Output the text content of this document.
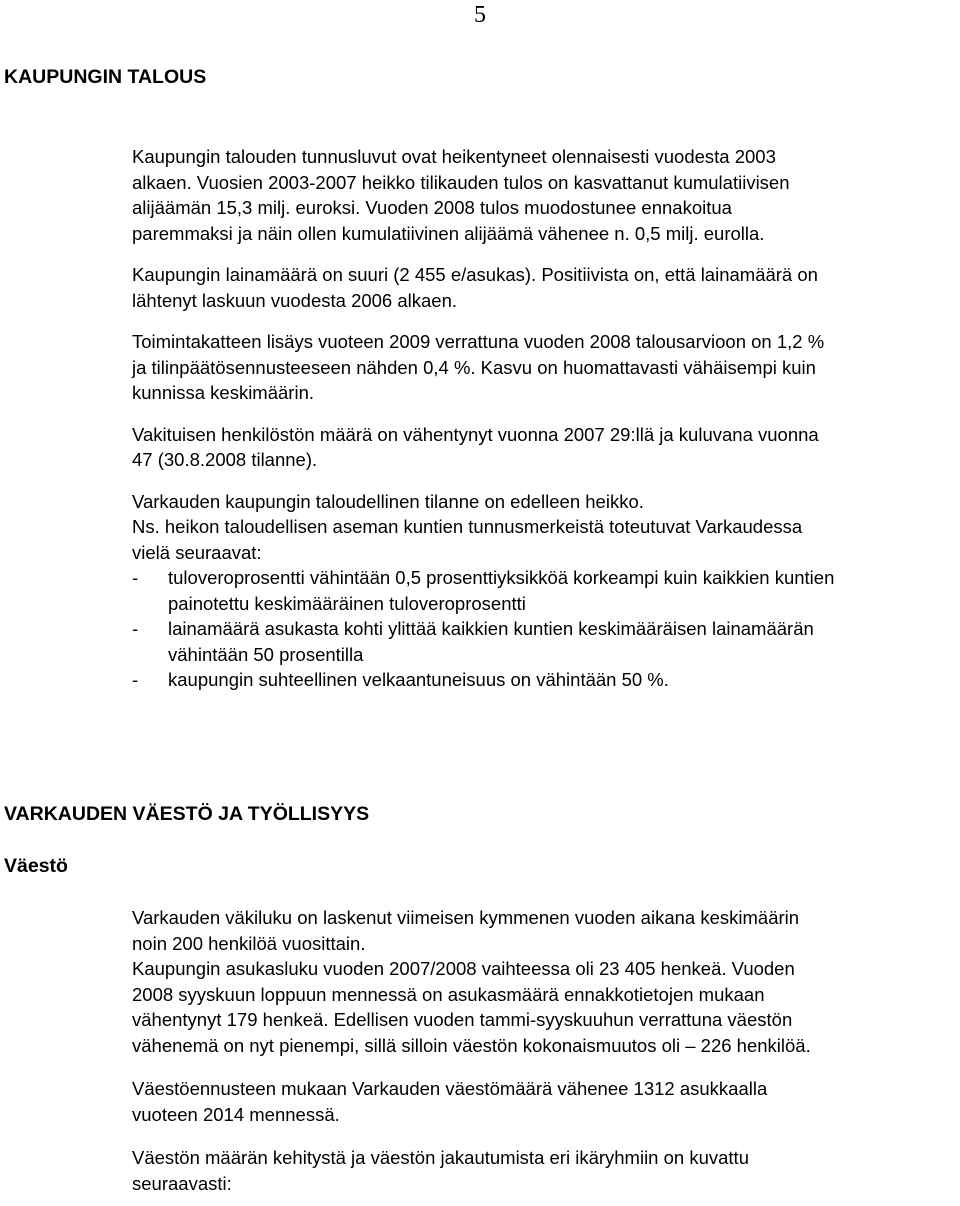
5
KAUPUNGIN TALOUS

Kaupungin talouden tunnusluvut ovat heikentyneet olennaisesti vuodesta 2003

alkaen. Vuosien 2003-2007 heikko tilikauden tulos on kasvattanut kumulatiivisen

alijäämän 15,3 milj. euroksi. Vuoden 2008 tulos muodostunee ennakoitua

paremmaksi ja näin ollen kumulatiivinen alijäämä vähenee n. 0,5 milj. eurolla.

Kaupungin lainamäärä on suuri (2 455 e/asukas). Positiivista on, että lainamäärä on

lähtenyt laskuun vuodesta 2006 alkaen.

Toimintakatteen lisäys vuoteen 2009 verrattuna vuoden 2008 talousarvioon on 1,2 %

ja tilinpäätösennusteeseen nähden 0,4 %. Kasvu on huomattavasti vähäisempi kuin

kunnissa keskimäärin.

Vakituisen henkilöstön määrä on vähentynyt vuonna 2007 29:llä ja kuluvana vuonna

47 (30.8.2008 tilanne).

Varkauden kaupungin taloudellinen tilanne on edelleen heikko.

Ns. heikon taloudellisen aseman kuntien tunnusmerkeistä toteutuvat Varkaudessa

vielä seuraavat:

-	tuloveroprosentti vähintään 0,5 prosenttiyksikköä korkeampi kuin kaikkien kuntien
painotettu keskimääräinen tuloveroprosentti
-	lainamäärä asukasta kohti ylittää kaikkien kuntien keskimääräisen lainamäärän
vähintään 50 prosentilla
-	kaupungin suhteellinen velkaantuneisuus on vähintään 50 %.
VARKAUDEN VÄESTÖ JA TYÖLLISYYS
Väestö

Varkauden väkiluku on laskenut viimeisen kymmenen vuoden aikana keskimäärin

noin 200 henkilöä vuosittain.

Kaupungin asukasluku vuoden 2007/2008 vaihteessa oli 23 405 henkeä. Vuoden

2008 syyskuun loppuun mennessä on asukasmäärä ennakkotietojen mukaan

vähentynyt 179 henkeä. Edellisen vuoden tammi-syyskuuhun verrattuna väestön

vähenemä on nyt pienempi, sillä silloin väestön kokonaismuutos oli – 226 henkilöä.

Väestöennusteen mukaan Varkauden väestömäärä vähenee 1312 asukkaalla

vuoteen 2014 mennessä.

Väestön määrän kehitystä ja väestön jakautumista eri ikäryhmiin on kuvattu

seuraavasti:
